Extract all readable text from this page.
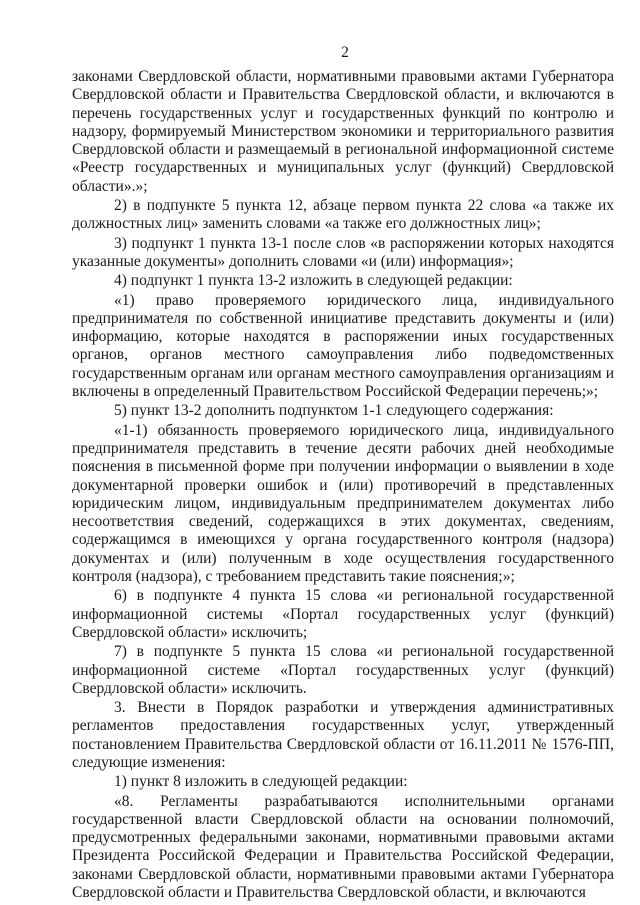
2

законами Свердловской области, нормативными правовыми актами Губернатора Свердловской области и Правительства Свердловской области, и включаются в перечень государственных услуг и государственных функций по контролю и надзору, формируемый Министерством экономики и территориального развития Свердловской области и размещаемый в региональной информационной системе «Реестр государственных и муниципальных услуг (функций) Свердловской области».»;

2) в подпункте 5 пункта 12, абзаце первом пункта 22 слова «а также их должностных лиц» заменить словами «а также его должностных лиц»;

3) подпункт 1 пункта 13-1 после слов «в распоряжении которых находятся указанные документы» дополнить словами «и (или) информация»;

4) подпункт 1 пункта 13-2 изложить в следующей редакции:

«1) право проверяемого юридического лица, индивидуального предпринимателя по собственной инициативе представить документы и (или) информацию, которые находятся в распоряжении иных государственных органов, органов местного самоуправления либо подведомственных государственным органам или органам местного самоуправления организациям и включены в определенный Правительством Российской Федерации перечень;»;

5) пункт 13-2 дополнить подпунктом 1-1 следующего содержания:

«1-1) обязанность проверяемого юридического лица, индивидуального предпринимателя представить в течение десяти рабочих дней необходимые пояснения в письменной форме при получении информации о выявлении в ходе документарной проверки ошибок и (или) противоречий в представленных юридическим лицом, индивидуальным предпринимателем документах либо несоответствия сведений, содержащихся в этих документах, сведениям, содержащимся в имеющихся у органа государственного контроля (надзора) документах и (или) полученным в ходе осуществления государственного контроля (надзора), с требованием представить такие пояснения;»;

6) в подпункте 4 пункта 15 слова «и региональной государственной информационной системы «Портал государственных услуг (функций) Свердловской области» исключить;

7) в подпункте 5 пункта 15 слова «и региональной государственной информационной системе «Портал государственных услуг (функций) Свердловской области» исключить.

3. Внести в Порядок разработки и утверждения административных регламентов предоставления государственных услуг, утвержденный постановлением Правительства Свердловской области от 16.11.2011 № 1576-ПП, следующие изменения:

1) пункт 8 изложить в следующей редакции:

«8. Регламенты разрабатываются исполнительными органами государственной власти Свердловской области на основании полномочий, предусмотренных федеральными законами, нормативными правовыми актами Президента Российской Федерации и Правительства Российской Федерации, законами Свердловской области, нормативными правовыми актами Губернатора Свердловской области и Правительства Свердловской области, и включаются
